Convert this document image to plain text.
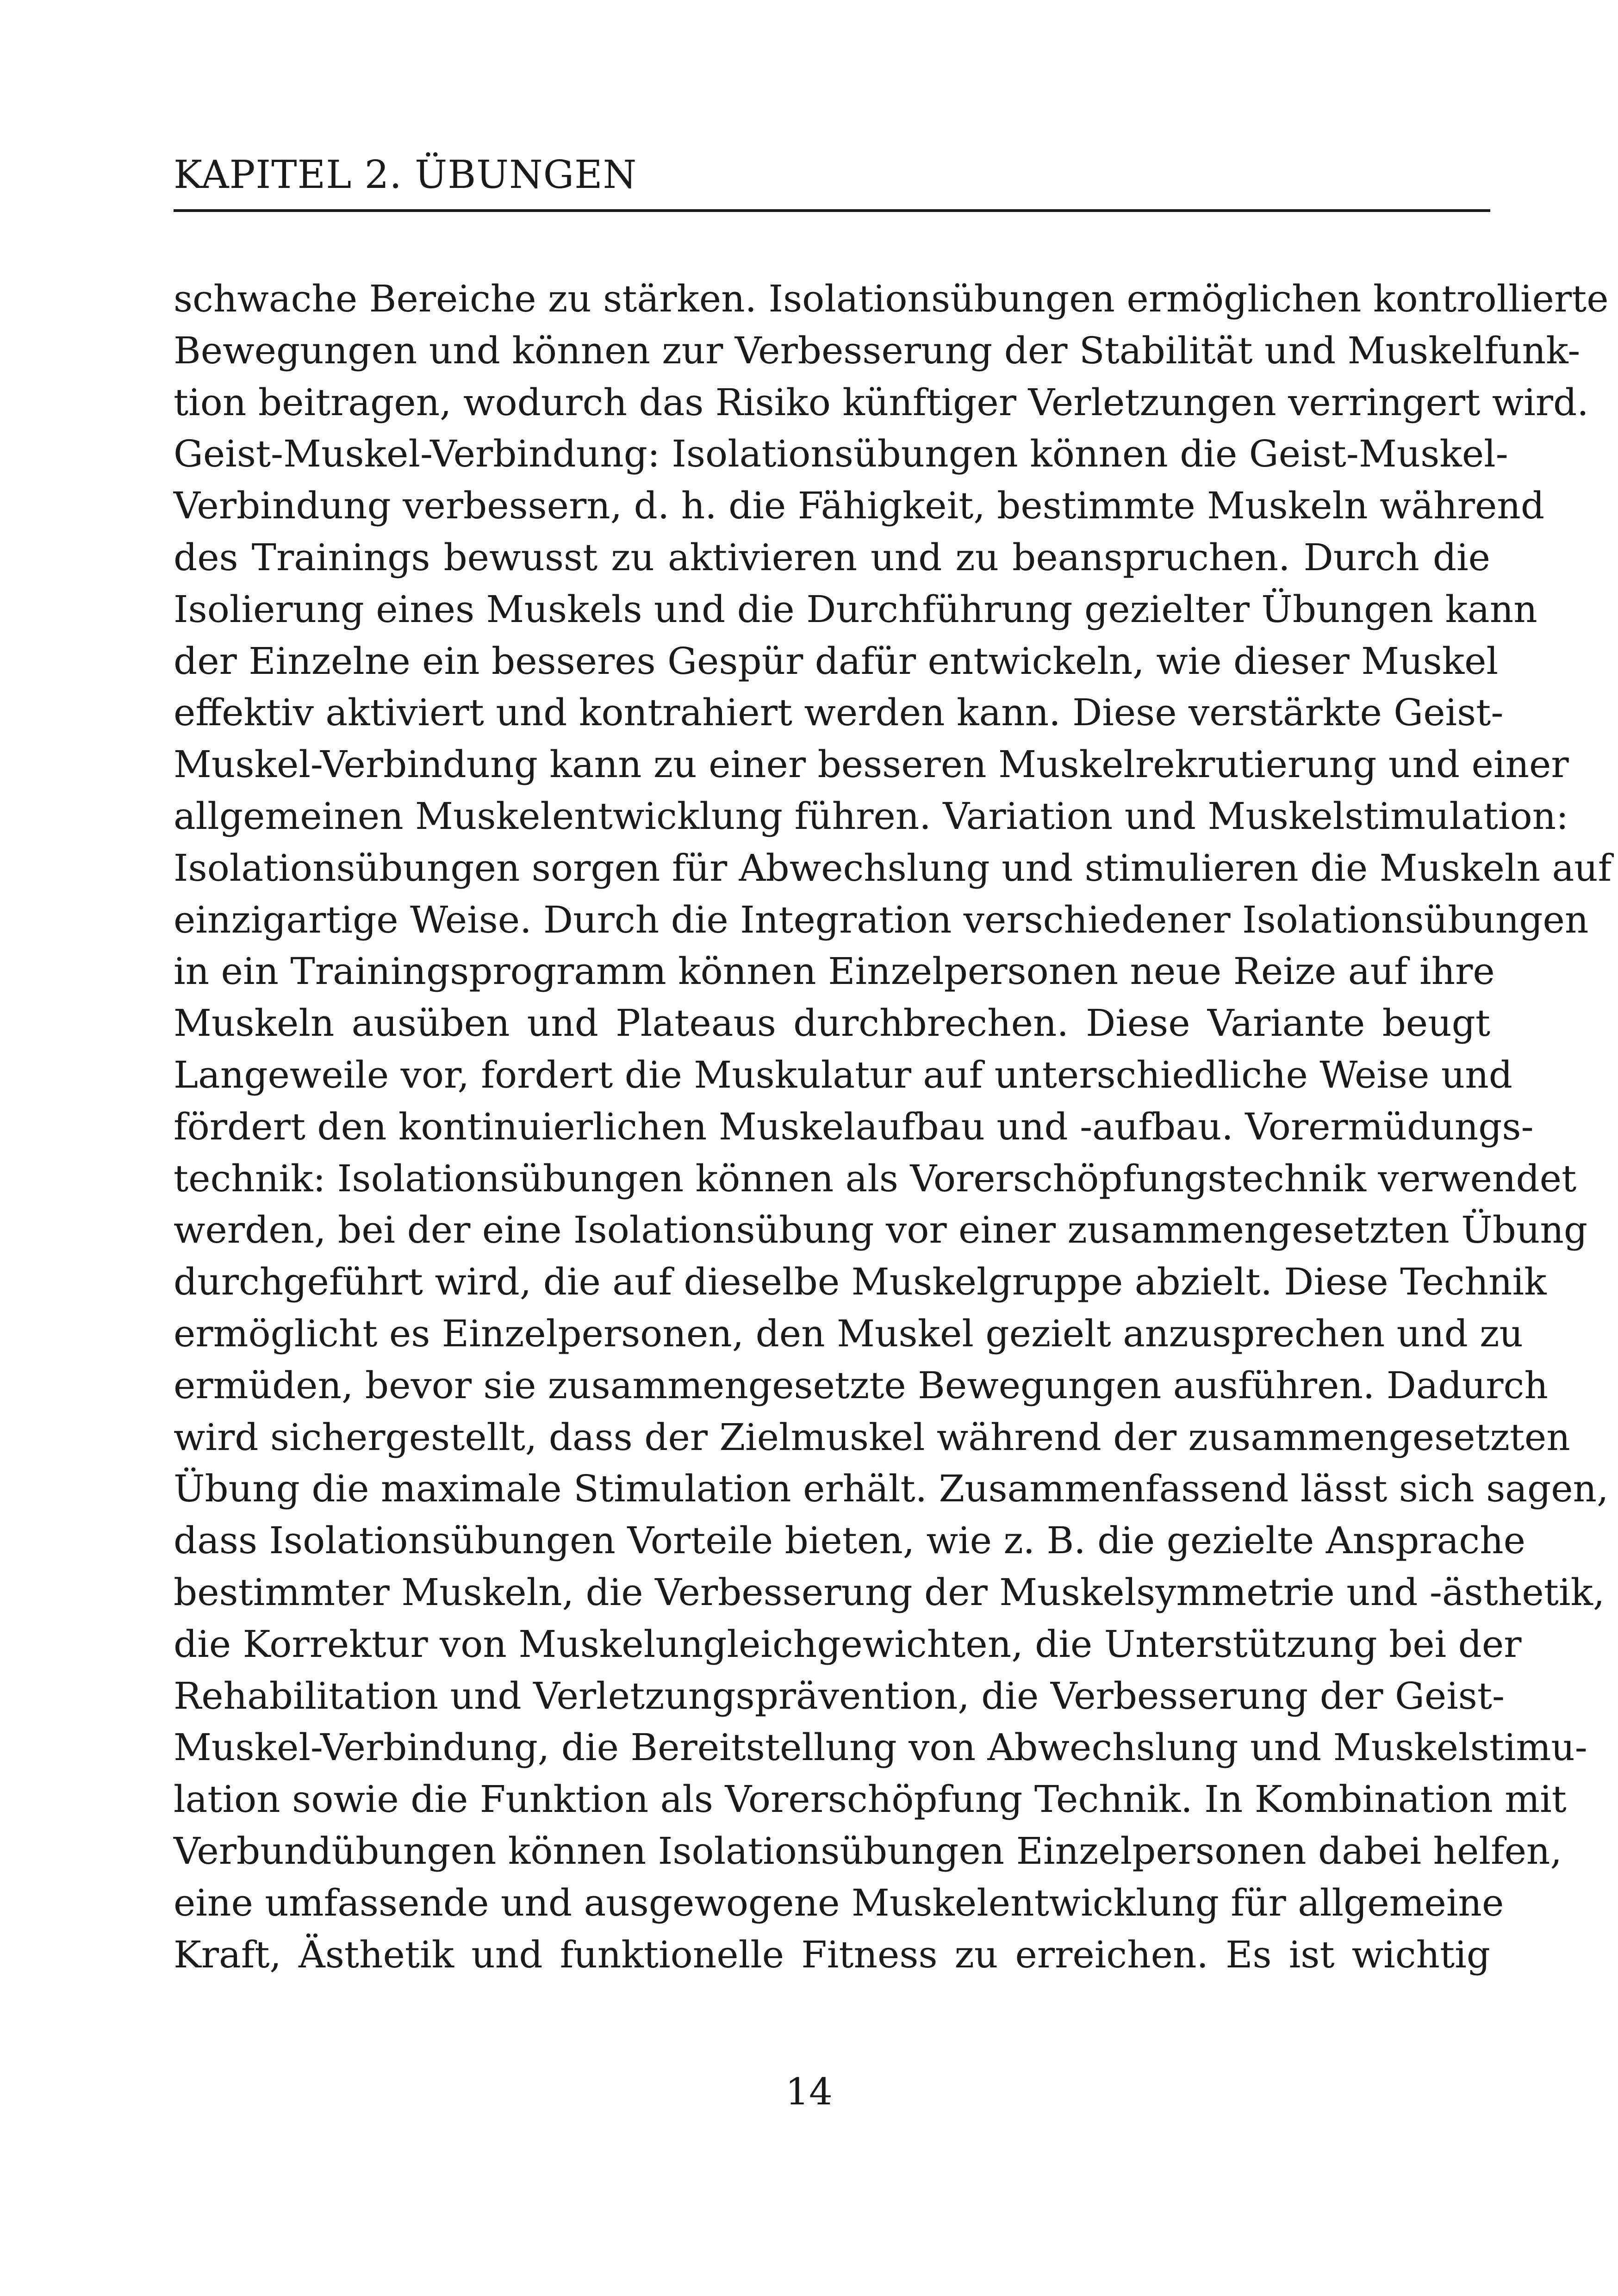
KAPITEL 2. ÜBUNGEN
schwache Bereiche zu stärken. Isolationsübungen ermöglichen kontrollierte
Bewegungen und können zur Verbesserung der Stabilität und Muskelfunk-
tion beitragen, wodurch das Risiko künftiger Verletzungen verringert wird.
Geist-Muskel-Verbindung: Isolationsübungen können die Geist-Muskel-
Verbindung verbessern, d. h. die Fähigkeit, bestimmte Muskeln während
des Trainings bewusst zu aktivieren und zu beanspruchen. Durch die
Isolierung eines Muskels und die Durchführung gezielter Übungen kann
der Einzelne ein besseres Gespür dafür entwickeln, wie dieser Muskel
effektiv aktiviert und kontrahiert werden kann. Diese verstärkte Geist-
Muskel-Verbindung kann zu einer besseren Muskelrekrutierung und einer
allgemeinen Muskelentwicklung führen. Variation und Muskelstimulation:
Isolationsübungen sorgen für Abwechslung und stimulieren die Muskeln auf
einzigartige Weise. Durch die Integration verschiedener Isolationsübungen
in ein Trainingsprogramm können Einzelpersonen neue Reize auf ihre
Muskeln ausüben und Plateaus durchbrechen. Diese Variante beugt
Langeweile vor, fordert die Muskulatur auf unterschiedliche Weise und
fördert den kontinuierlichen Muskelaufbau und -aufbau. Vorermüdungs-
technik: Isolationsübungen können als Vorerschöpfungstechnik verwendet
werden, bei der eine Isolationsübung vor einer zusammengesetzten Übung
durchgeführt wird, die auf dieselbe Muskelgruppe abzielt. Diese Technik
ermöglicht es Einzelpersonen, den Muskel gezielt anzusprechen und zu
ermüden, bevor sie zusammengesetzte Bewegungen ausführen. Dadurch
wird sichergestellt, dass der Zielmuskel während der zusammengesetzten
Übung die maximale Stimulation erhält. Zusammenfassend lässt sich sagen,
dass Isolationsübungen Vorteile bieten, wie z. B. die gezielte Ansprache
bestimmter Muskeln, die Verbesserung der Muskelsymmetrie und -ästhetik,
die Korrektur von Muskelungleichgewichten, die Unterstützung bei der
Rehabilitation und Verletzungsprävention, die Verbesserung der Geist-
Muskel-Verbindung, die Bereitstellung von Abwechslung und Muskelstimu-
lation sowie die Funktion als Vorerschöpfung Technik. In Kombination mit
Verbundübungen können Isolationsübungen Einzelpersonen dabei helfen,
eine umfassende und ausgewogene Muskelentwicklung für allgemeine
Kraft, Ästhetik und funktionelle Fitness zu erreichen. Es ist wichtig
14
